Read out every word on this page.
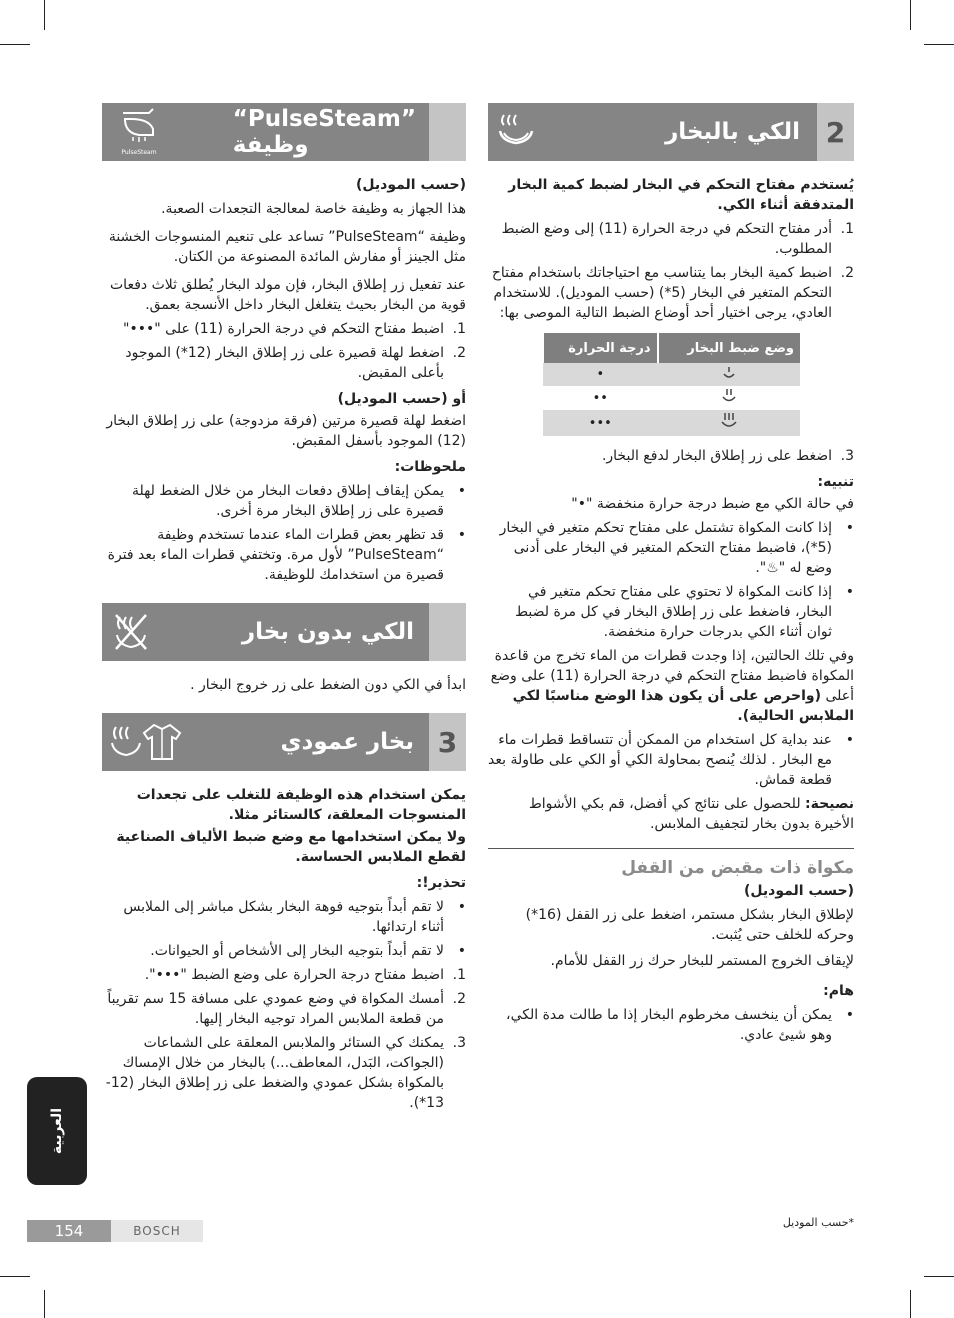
2
الكي بالبخار

يُستخدم مفتاح التحكم في البخار لضبط كمية البخار المتدفقة أثناء الكي.

1.
أدر مفتاح التحكم في درجة الحرارة (11) إلى وضع الضبط المطلوب.
2.
اضبط كمية البخار بما يتناسب مع احتياجاتك باستخدام مفتاح التحكم المتغير في البخار (5*) (حسب الموديل). للاستخدام العادي، يرجى اختيار أحد أوضاع الضبط التالية الموصى بها:
وضع ضبط البخار	درجة الحرارة
	•
	••
	•••
3.
اضغط على زر إطلاق البخار لدفع البخار.

تنبيه:

في حالة الكي مع ضبط درجة حرارة منخفضة "•"

•
إذا كانت المكواة تشتمل على مفتاح تحكم متغير في البخار (5*)، فاضبط مفتاح التحكم المتغير في البخار على أدنى وضع له "♨".
•
إذا كانت المكواة لا تحتوي على مفتاح تحكم متغير في البخار، فاضغط على زر إطلاق البخار في كل مرة لضبط ثوان أثناء الكي بدرجات حرارة منخفضة.

وفي تلك الحالتين، إذا وجدت قطرات من الماء تخرج من قاعدة المكواة فاضبط مفتاح التحكم في درجة الحرارة (11) على وضع أعلى (واحرص على أن يكون هذا الوضع مناسبًا لكي الملابس الحالية).

•
عند بداية كل استخدام من الممكن أن تتساقط قطرات ماء مع البخار . لذلك يُنصح بمحاولة الكي أو الكي على طاولة بعد قطعة قماش.

نصيحة: للحصول على نتائج كي أفضل، قم بكي الأشواط الأخيرة بدون بخار لتجفيف الملابس.

مكواة ذات مقبض من القفل

(حسب الموديل)

لإطلاق البخار بشكل مستمر، اضغط على زر القفل (16*) وحركه للخلف حتى يُثبت.

لإيقاف الخروج المستمر للبخار حرك زر القفل للأمام.

هام:

•
يمكن أن ينخسف مخرطوم البخار إذا ما طالت مدة الكي، وهو شيئ عادي.
“PulseSteam”
وظيفة
PulseSteam

(حسب الموديل)

هذا الجهاز به وظيفة خاصة لمعالجة التجعدات الصعبة.

وظيفة “PulseSteam” تساعد على تنعيم المنسوجات الخشنة مثل الجينز أو مفارش المائدة المصنوعة من الكتان.

عند تفعيل زر إطلاق البخار، فإن مولد البخار يُطلق ثلاث دفعات قوية من البخار بحيث يتغلغل البخار داخل الأنسجة بعمق.

1.
اضبط مفتاح التحكم في درجة الحرارة (11) على "•••"
2.
اضغط لهلة قصيرة على زر إطلاق البخار (12*) الموجود بأعلى المقبض.

أو (حسب الموديل)

اضغط لهلة قصيرة مرتين (فرقة مزدوجة) على زر إطلاق البخار (12) الموجود بأسفل المقبض.

ملحوظات:

•
يمكن إيقاف إطلاق دفعات البخار من خلال الضغط لهلة قصيرة على زر إطلاق البخار مرة أخرى.
•
قد تظهر بعض قطرات الماء عندما تستخدم وظيفة “PulseSteam” لأول مرة. وتختفي قطرات الماء بعد فترة قصيرة من استخدامك للوظيفة.
الكي بدون بخار

ابدأ في الكي دون الضغط على زر خروج البخار .

3
بخار عمودي

يمكن استخدام هذه الوظيفة للتغلب على تجعدات المنسوجات المعلقة، كالستائر مثلا.

ولا يمكن استخدامها مع وضع ضبط الألياف الصناعية لقطع الملابس الحساسة.

تحذير!:

•
لا تقم أبداً بتوجيه فوهة البخار بشكل مباشر إلى الملابس أثناء ارتدائها.
•
لا تقم أبداً بتوجيه البخار إلى الأشخاص أو الحيوانات.
1.
اضبط مفتاح درجة الحرارة على وضع الضبط "•••".
2.
أمسك المكواة في وضع عمودي على مسافة 15 سم تقريباً من قطعة الملابس المراد توجيه البخار إليها.
3.
يمكنك كي الستائر والملابس المعلقة على الشماعات (الجواكت، البَدل، المعاطف...) بالبخار من خلال الإمساك بالمكواة بشكل عمودي والضغط على زر إطلاق البخار (12-13*).
العربية
154	BOSCH
*حسب الموديل
